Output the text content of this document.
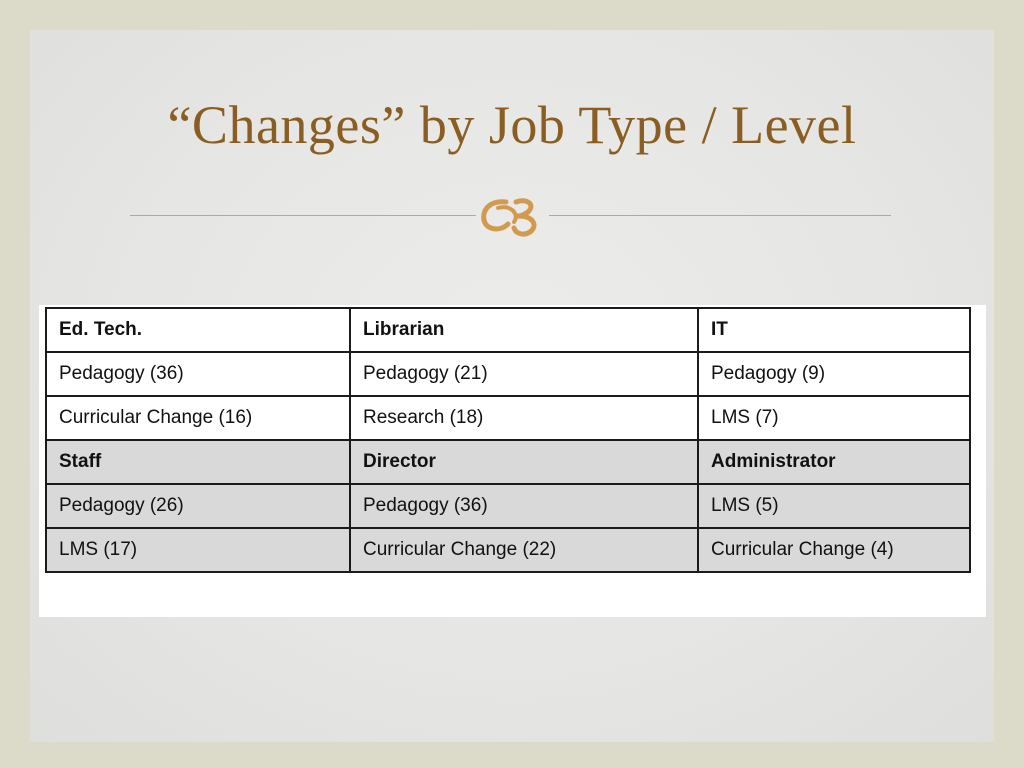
“Changes” by Job Type / Level
Ed. Tech.	Librarian	IT
Pedagogy (36)	Pedagogy (21)	Pedagogy (9)
Curricular Change (16)	Research (18)	LMS (7)
Staff	Director	Administrator
Pedagogy (26)	Pedagogy (36)	LMS (5)
LMS (17)	Curricular Change (22)	Curricular Change (4)
